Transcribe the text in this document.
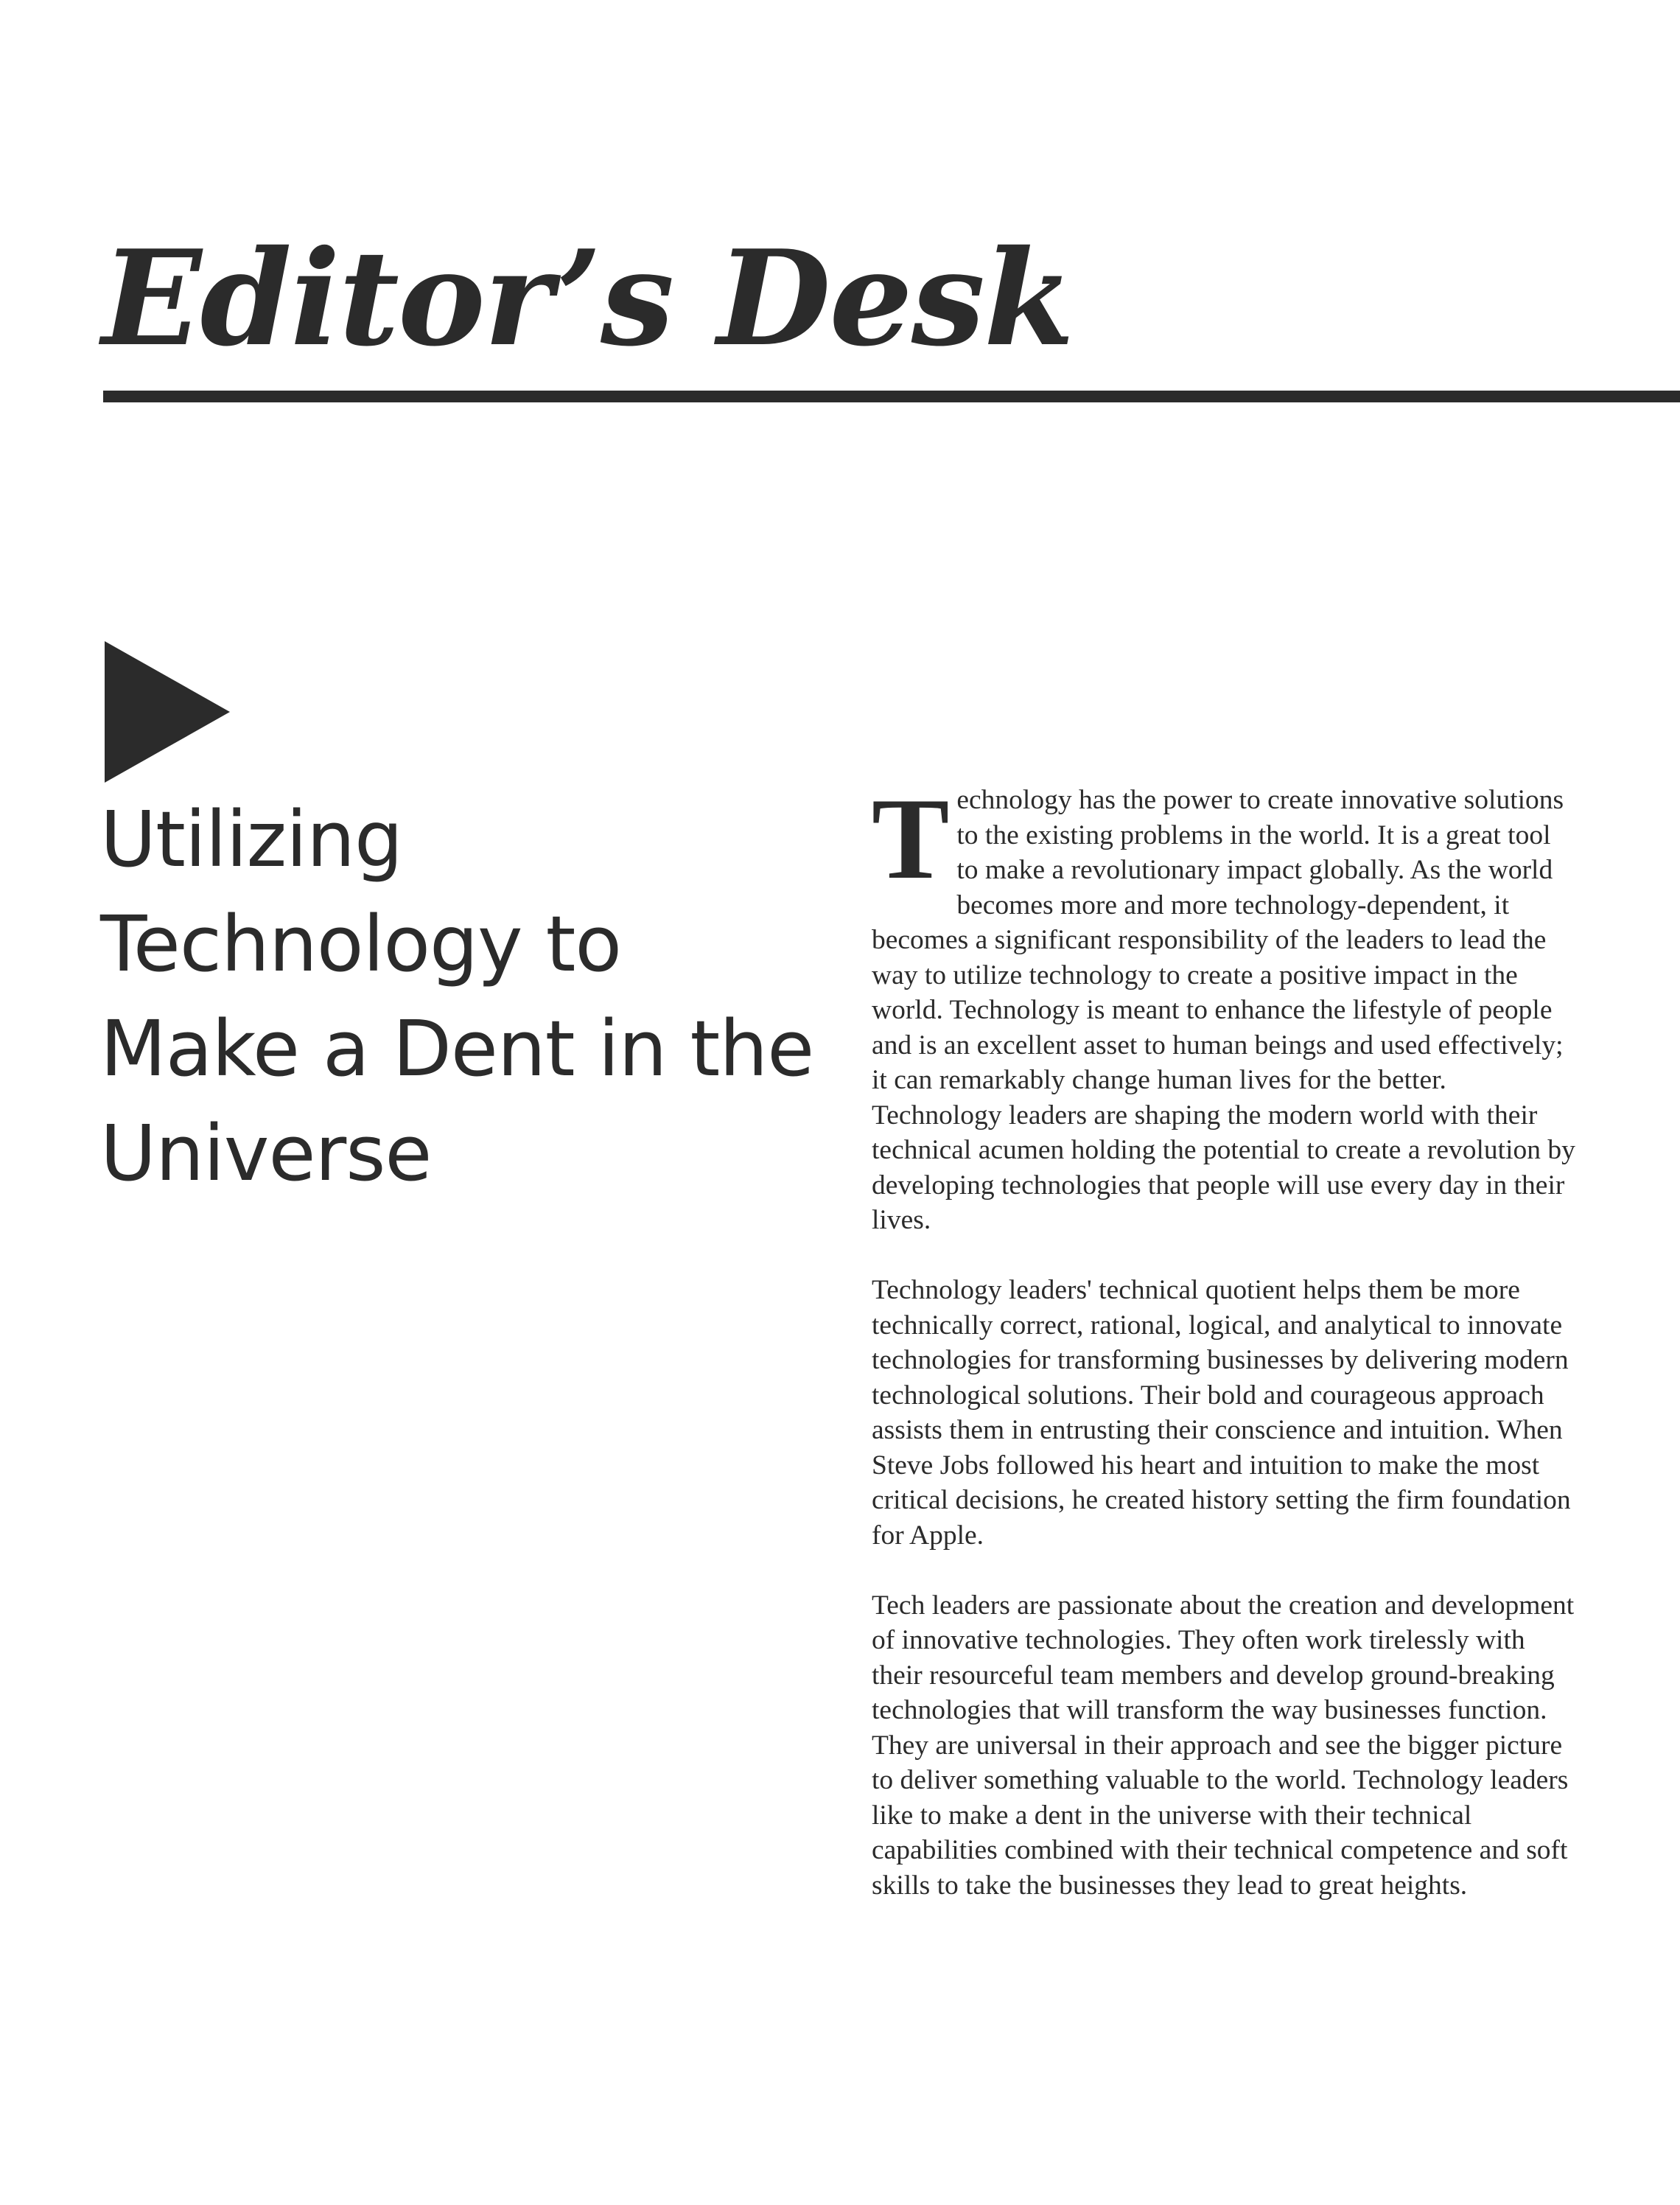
Editor’s Desk
Utilizing Technology to Make a Dent in the Universe

Technology has the power to create innovative solutions to the existing problems in the world. It is a great tool to make a revolutionary impact globally. As the world becomes more and more technology-dependent, it becomes a significant responsibility of the leaders to lead the way to utilize technology to create a positive impact in the world. Technology is meant to enhance the lifestyle of people and is an excellent asset to human beings and used effectively; it can remarkably change human lives for the better. Technology leaders are shaping the modern world with their technical acumen holding the potential to create a revolution by developing technologies that people will use every day in their lives.

Technology leaders' technical quotient helps them be more technically correct, rational, logical, and analytical to innovate technologies for transforming businesses by delivering modern technological solutions. Their bold and courageous approach assists them in entrusting their conscience and intuition. When Steve Jobs followed his heart and intuition to make the most critical decisions, he created history setting the firm foundation for Apple.

Tech leaders are passionate about the creation and development of innovative technologies. They often work tirelessly with their resourceful team members and develop ground-breaking technologies that will transform the way businesses function. They are universal in their approach and see the bigger picture to deliver something valuable to the world. Technology leaders like to make a dent in the universe with their technical capabilities combined with their technical competence and soft skills to take the businesses they lead to great heights.
